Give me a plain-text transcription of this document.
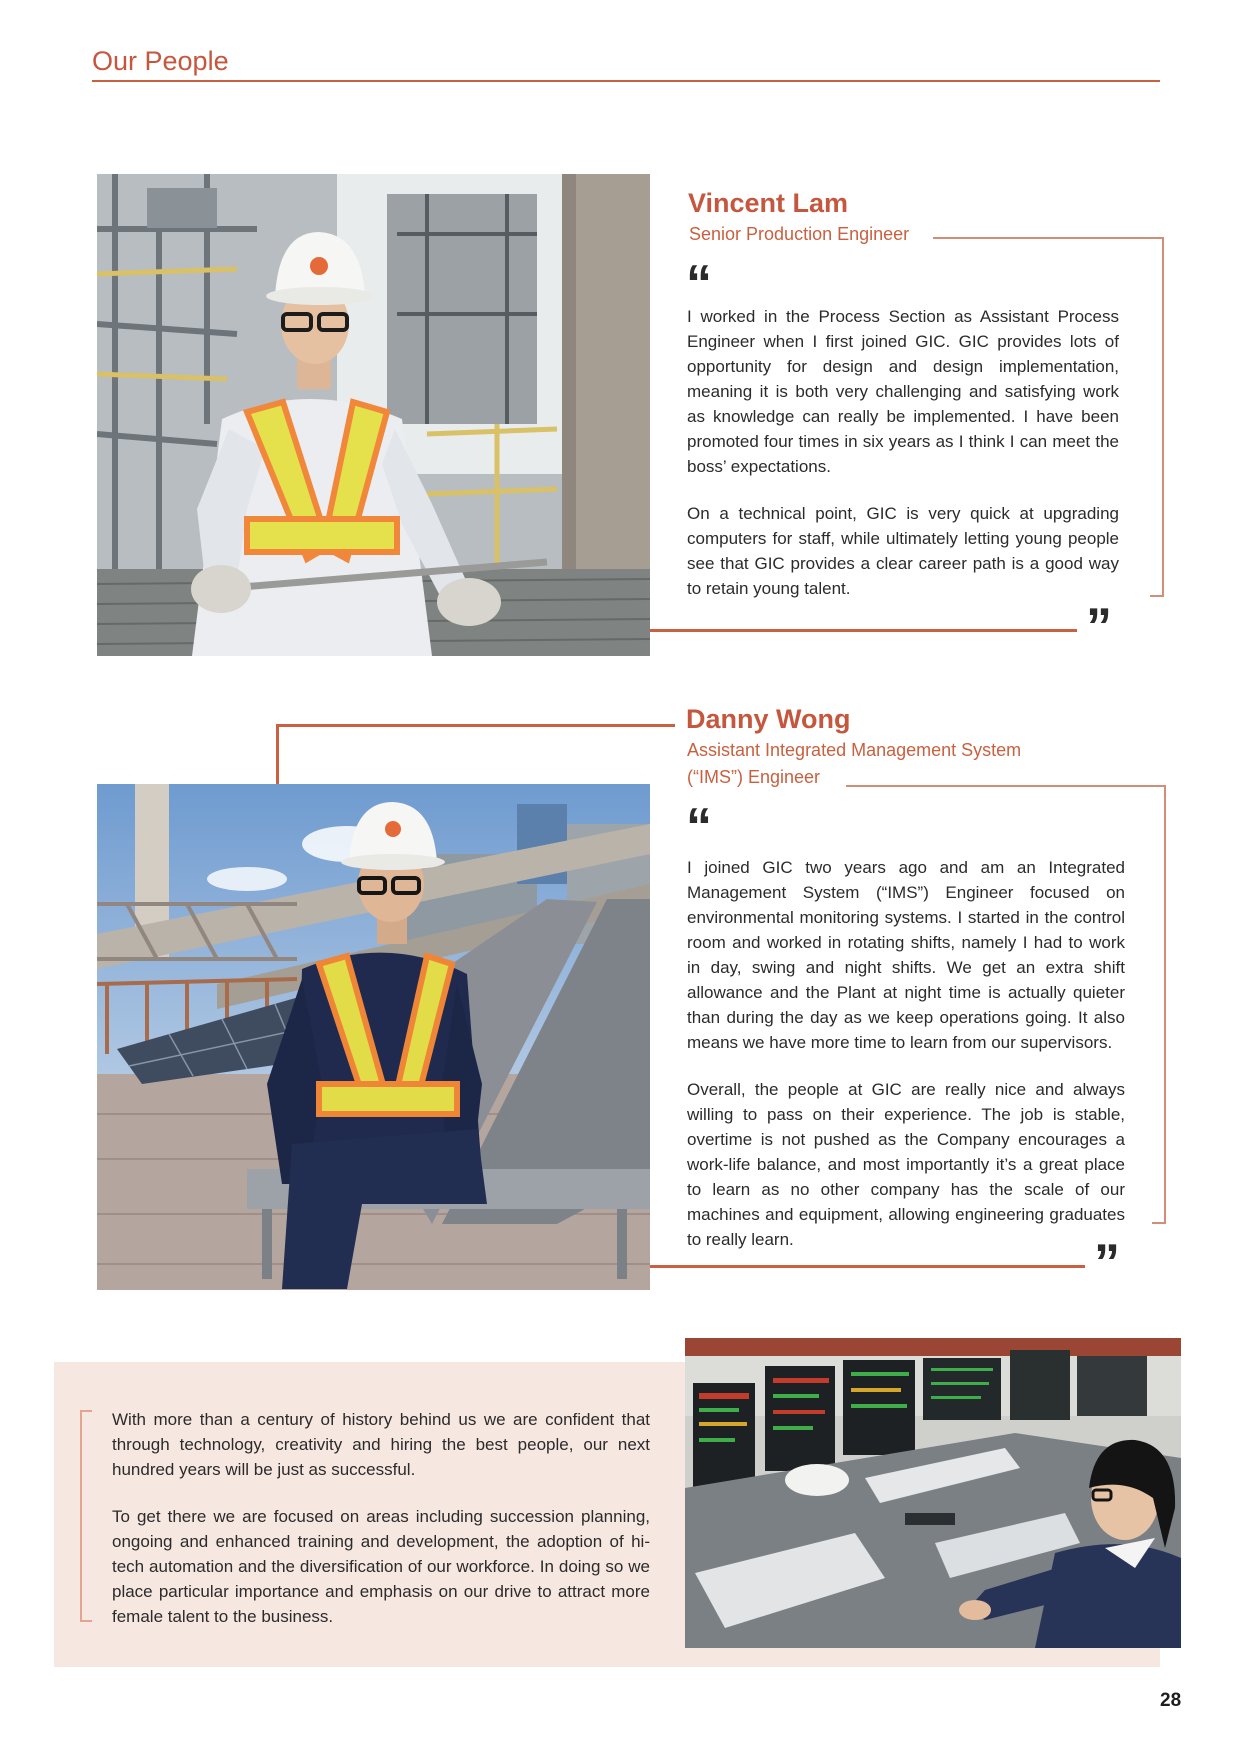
Our People
Vincent Lam
Senior Production Engineer
“

I worked in the Process Section as Assistant Process Engineer when I first joined GIC. GIC provides lots of opportunity for design and design implementation, meaning it is both very challenging and satisfying work as knowledge can really be implemented. I have been promoted four times in six years as I think I can meet the boss’ expectations.

On a technical point, GIC is very quick at upgrading computers for staff, while ultimately letting young people see that GIC provides a clear career path is a good way to retain young talent.

”
Danny Wong
Assistant Integrated Management System
(“IMS”) Engineer
“

I joined GIC two years ago and am an Integrated Management System (“IMS”) Engineer focused on environmental monitoring systems. I started in the control room and worked in rotating shifts, namely I had to work in day, swing and night shifts. We get an extra shift allowance and the Plant at night time is actually quieter than during the day as we keep operations going. It also means we have more time to learn from our supervisors.

Overall, the people at GIC are really nice and always willing to pass on their experience. The job is stable, overtime is not pushed as the Company encourages a work-life balance, and most importantly it’s a great place to learn as no other company has the scale of our machines and equipment, allowing engineering graduates to really learn.	”

With more than a century of history behind us we are confident that through technology, creativity and hiring the best people, our next hundred years will be just as successful.

To get there we are focused on areas including succession planning, ongoing and enhanced training and development, the adoption of hi-tech automation and the diversification of our workforce. In doing so we place particular importance and emphasis on our drive to attract more female talent to the business.

28
